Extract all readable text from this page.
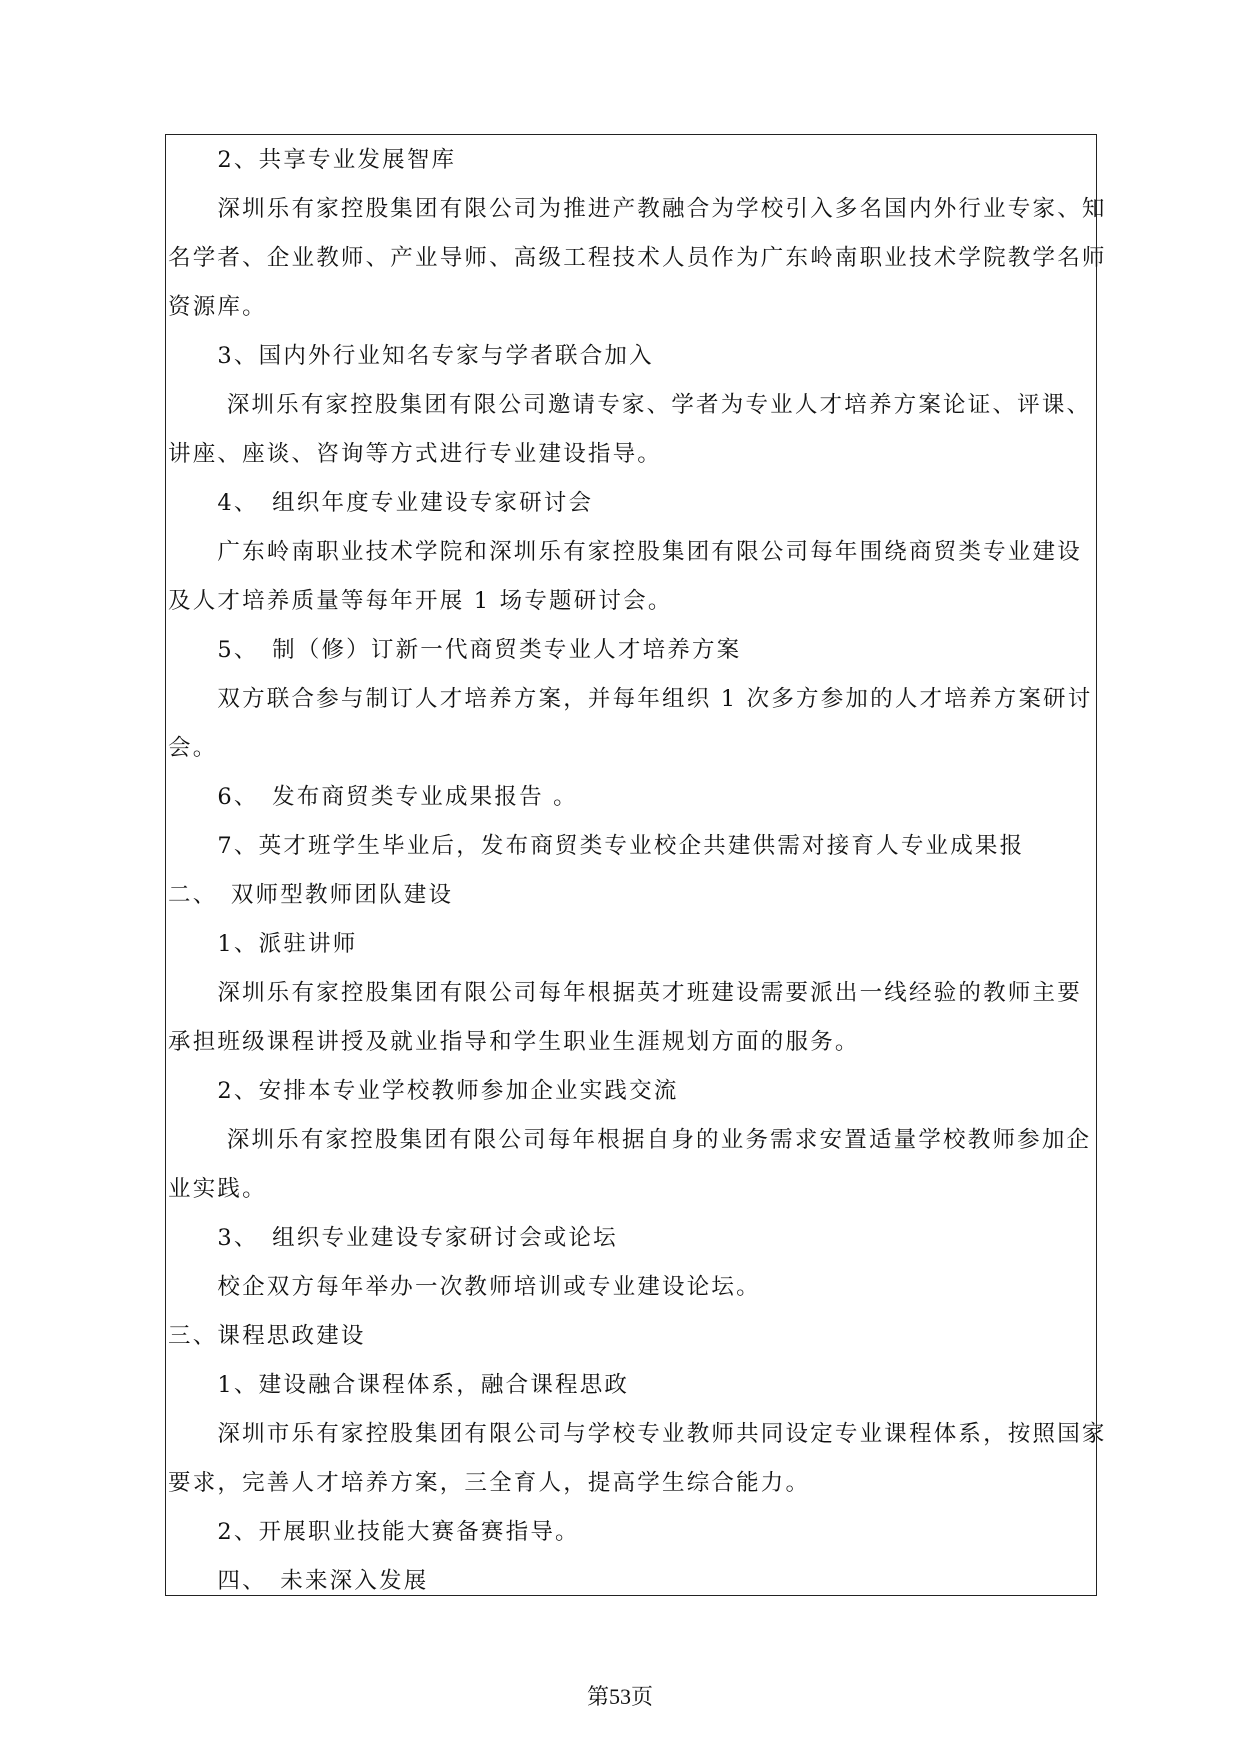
　　2、共享专业发展智库
　　深圳乐有家控股集团有限公司为推进产教融合为学校引入多名国内外行业专家、知
名学者、企业教师、产业导师、高级工程技术人员作为广东岭南职业技术学院教学名师
资源库。
　　3、国内外行业知名专家与学者联合加入
　　 深圳乐有家控股集团有限公司邀请专家、学者为专业人才培养方案论证、评课、
讲座、座谈、咨询等方式进行专业建设指导。
　　4、　组织年度专业建设专家研讨会
　　广东岭南职业技术学院和深圳乐有家控股集团有限公司每年围绕商贸类专业建设
及人才培养质量等每年开展 1 场专题研讨会。
　　5、　制（修）订新一代商贸类专业人才培养方案
　　双方联合参与制订人才培养方案，并每年组织 1 次多方参加的人才培养方案研讨
会。
　　6、　发布商贸类专业成果报告 。
　　7、英才班学生毕业后，发布商贸类专业校企共建供需对接育人专业成果报
二、　双师型教师团队建设
　　1、派驻讲师
　　深圳乐有家控股集团有限公司每年根据英才班建设需要派出一线经验的教师主要
承担班级课程讲授及就业指导和学生职业生涯规划方面的服务。
　　2、安排本专业学校教师参加企业实践交流
　　 深圳乐有家控股集团有限公司每年根据自身的业务需求安置适量学校教师参加企
业实践。
　　3、　组织专业建设专家研讨会或论坛
　　校企双方每年举办一次教师培训或专业建设论坛。
三、课程思政建设
　　1、建设融合课程体系，融合课程思政
　　深圳市乐有家控股集团有限公司与学校专业教师共同设定专业课程体系，按照国家
要求，完善人才培养方案，三全育人，提高学生综合能力。
　　2、开展职业技能大赛备赛指导。
　　四、　未来深入发展
第53页
